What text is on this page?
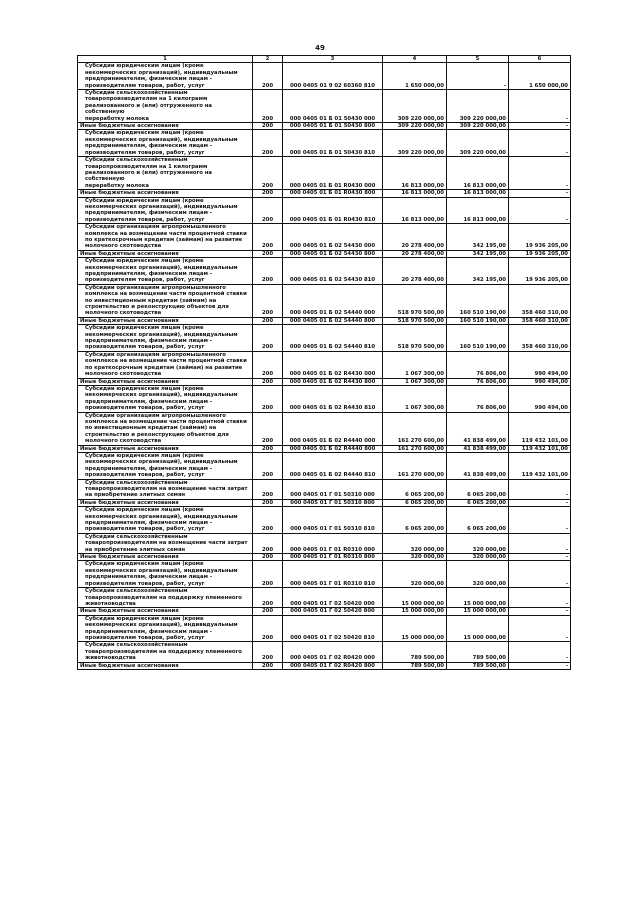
49
1	2	3	4	5	6
Субсидии юридическим лицам (кроме
некоммерческих организаций), индивидуальным
предпринимателям, физическим лицам -
производителям товаров, работ, услуг	200	000 0405 01 9 02 60360 810	1 650 000,00	-	1 650 000,00
Субсидии сельскохозяйственным
товаропроизводителям на 1 килограмм
реализованного и (или) отгруженного на собственную
переработку молока	200	000 0405 01 Б 01 50430 000	309 220 000,00	309 220 000,00	-
Иные бюджетные ассигнования	200	000 0405 01 Б 01 50430 800	309 220 000,00	309 220 000,00	-
Субсидии юридическим лицам (кроме
некоммерческих организаций), индивидуальным
предпринимателям, физическим лицам -
производителям товаров, работ, услуг	200	000 0405 01 Б 01 50430 810	309 220 000,00	309 220 000,00	-
Субсидии сельскохозяйственным
товаропроизводителям на 1 килограмм
реализованного и (или) отгруженного на собственную
переработку молока	200	000 0405 01 Б 01 R0430 000	16 813 000,00	16 813 000,00	-
Иные бюджетные ассигнования	200	000 0405 01 Б 01 R0430 800	16 813 000,00	16 813 000,00	-
Субсидии юридическим лицам (кроме
некоммерческих организаций), индивидуальным
предпринимателям, физическим лицам -
производителям товаров, работ, услуг	200	000 0405 01 Б 01 R0430 810	16 813 000,00	16 813 000,00	-
Субсидии организациям агропромышленного
комплекса на возмещение части процентной ставки
по краткосрочным кредитам (займам) на развитие
молочного скотоводства	200	000 0405 01 Б 02 54430 000	20 278 400,00	342 195,00	19 936 205,00
Иные бюджетные ассигнования	200	000 0405 01 Б 02 54430 800	20 278 400,00	342 195,00	19 936 205,00
Субсидии юридическим лицам (кроме
некоммерческих организаций), индивидуальным
предпринимателям, физическим лицам -
производителям товаров, работ, услуг	200	000 0405 01 Б 02 54430 810	20 278 400,00	342 195,00	19 936 205,00
Субсидии организациям агропромышленного
комплекса на возмещение части процентной ставки
по инвестиционным кредитам (займам) на
строительство и реконструкцию объектов для
молочного скотоводства	200	000 0405 01 Б 02 54440 000	518 970 500,00	160 510 190,00	358 460 310,00
Иные бюджетные ассигнования	200	000 0405 01 Б 02 54440 800	518 970 500,00	160 510 190,00	358 460 310,00
Субсидии юридическим лицам (кроме
некоммерческих организаций), индивидуальным
предпринимателям, физическим лицам -
производителям товаров, работ, услуг	200	000 0405 01 Б 02 54440 810	518 970 500,00	160 510 190,00	358 460 310,00
Субсидии организациям агропромышленного
комплекса на возмещение части процентной ставки
по краткосрочным кредитам (займам) на развитие
молочного скотоводства	200	000 0405 01 Б 02 R4430 000	1 067 300,00	76 806,00	990 494,00
Иные бюджетные ассигнования	200	000 0405 01 Б 02 R4430 800	1 067 300,00	76 806,00	990 494,00
Субсидии юридическим лицам (кроме
некоммерческих организаций), индивидуальным
предпринимателям, физическим лицам -
производителям товаров, работ, услуг	200	000 0405 01 Б 02 R4430 810	1 067 300,00	76 806,00	990 494,00
Субсидии организациям агропромышленного
комплекса на возмещение части процентной ставки
по инвестиционным кредитам (займам) на
строительство и реконструкцию объектов для
молочного скотоводства	200	000 0405 01 Б 02 R4440 000	161 270 600,00	41 838 499,00	119 432 101,00
Иные бюджетные ассигнования	200	000 0405 01 Б 02 R4440 800	161 270 600,00	41 838 499,00	119 432 101,00
Субсидии юридическим лицам (кроме
некоммерческих организаций), индивидуальным
предпринимателям, физическим лицам -
производителям товаров, работ, услуг	200	000 0405 01 Б 02 R4440 810	161 270 600,00	41 838 499,00	119 432 101,00
Субсидии сельскохозяйственным
товаропроизводителям на возмещение части затрат
на приобретение элитных семян	200	000 0405 01 Г 01 50310 000	6 065 200,00	6 065 200,00	-
Иные бюджетные ассигнования	200	000 0405 01 Г 01 50310 800	6 065 200,00	6 065 200,00	-
Субсидии юридическим лицам (кроме
некоммерческих организаций), индивидуальным
предпринимателям, физическим лицам -
производителям товаров, работ, услуг	200	000 0405 01 Г 01 50310 810	6 065 200,00	6 065 200,00	-
Субсидии сельскохозяйственным
товаропроизводителям на возмещение части затрат
на приобретение элитных семян	200	000 0405 01 Г 01 R0310 000	320 000,00	320 000,00	-
Иные бюджетные ассигнования	200	000 0405 01 Г 01 R0310 800	320 000,00	320 000,00	-
Субсидии юридическим лицам (кроме
некоммерческих организаций), индивидуальным
предпринимателям, физическим лицам -
производителям товаров, работ, услуг	200	000 0405 01 Г 01 R0310 810	320 000,00	320 000,00	-
Субсидии сельскохозяйственным
товаропроизводителям на поддержку племенного
животноводства	200	000 0405 01 Г 02 50420 000	15 000 000,00	15 000 000,00	-
Иные бюджетные ассигнования	200	000 0405 01 Г 02 50420 800	15 000 000,00	15 000 000,00	-
Субсидии юридическим лицам (кроме
некоммерческих организаций), индивидуальным
предпринимателям, физическим лицам -
производителям товаров, работ, услуг	200	000 0405 01 Г 02 50420 810	15 000 000,00	15 000 000,00	-
Субсидии сельскохозяйственным
товаропроизводителям на поддержку племенного
животноводства	200	000 0405 01 Г 02 R0420 000	789 500,00	789 500,00	-
Иные бюджетные ассигнования	200	000 0405 01 Г 02 R0420 800	789 500,00	789 500,00	-
